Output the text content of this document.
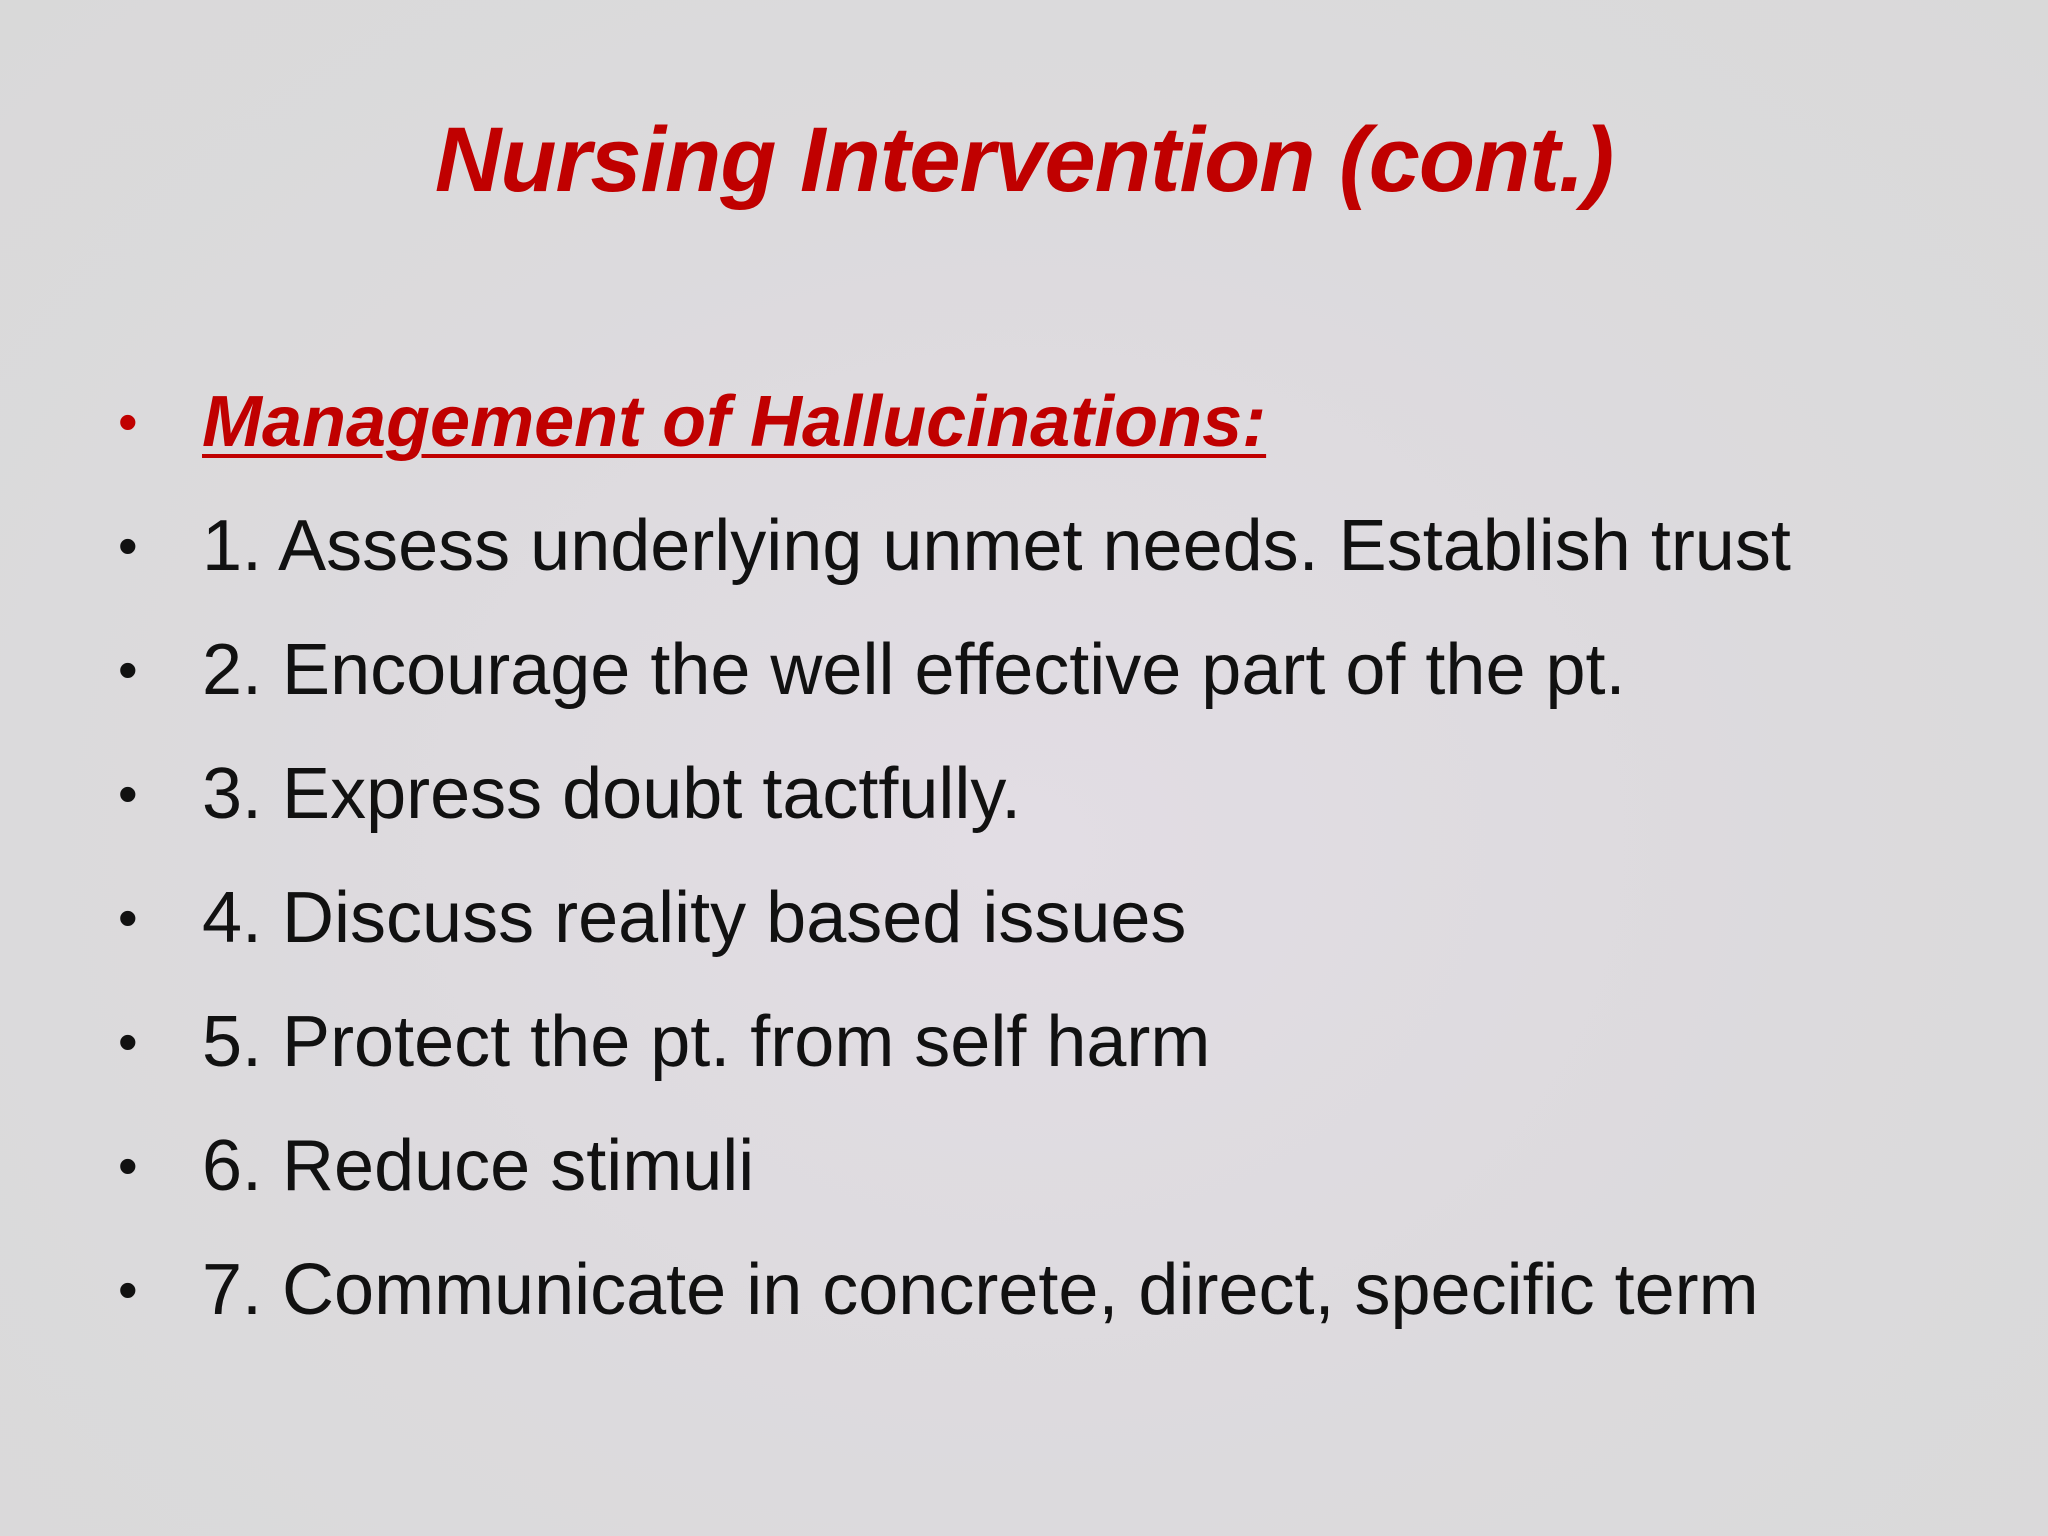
Nursing Intervention (cont.)
• Management of Hallucinations:
• 1. Assess underlying unmet needs. Establish trust
• 2. Encourage the well effective part of the pt.
• 3. Express doubt tactfully.
• 4. Discuss reality based issues
• 5. Protect the pt. from self harm
• 6. Reduce stimuli
• 7. Communicate in concrete, direct, specific term
